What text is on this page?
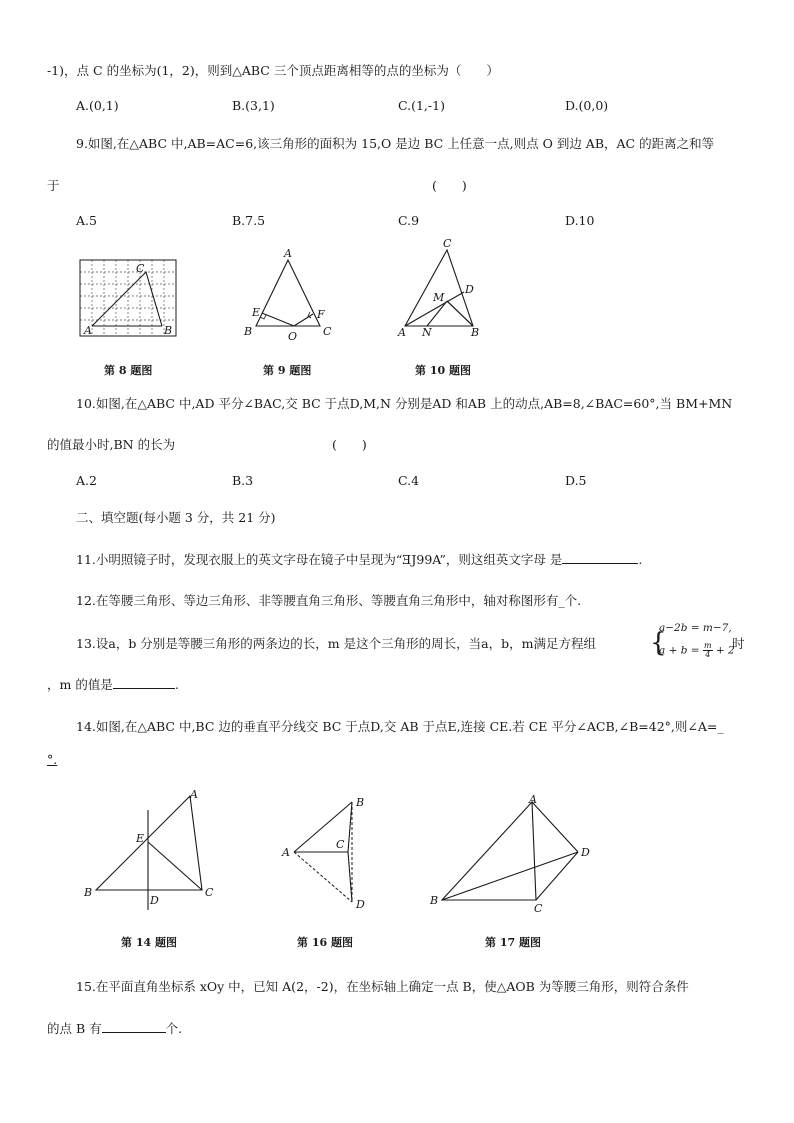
-1)，点 C 的坐标为(1，2)，则到△ABC 三个顶点距离相等的点的坐标为（　　）
A.(0,1)	B.(3,1)	C.(1,-1)	D.(0,0)
9.如图,在△ABC 中,AB=AC=6,该三角形的面积为 15,O 是边 BC 上任意一点,则点 O 到边 AB，AC 的距离之和等
于	(　　)
A.5	B.7.5	C.9	D.10
A
C
B
A
E	F
B	O C
C
D
M
A N	B
第 8 题图	第 9 题图	第 10 题图
10.如图,在△ABC 中,AD 平分∠BAC,交 BC 于点D,M,N 分别是AD 和AB 上的动点,AB=8,∠BAC=60°,当 BM+MN
的值最小时,BN 的长为	(　　)
A.2	B.3	C.4	D.5
二、填空题(每小题 3 分，共 21 分)
11.小明照镜子时，发现衣服上的英文字母在镜子中呈现为“ƎJ99A”，则这组英文字母 是	.
12.在等腰三角形、等边三角形、非等腰直角三角形、等腰直角三角形中，轴对称图形有_个.
13.设a，b 分别是等腰三角形的两条边的长，m 是这个三角形的周长，当a，b，m满足方程组 {
a−2b = m−7,
$a + b = \frac{m}{4} + 2$
时
，m 的值是	.
14.如图,在△ABC 中,BC 边的垂直平分线交 BC 于点D,交 AB 于点E,连接 CE.若 CE 平分∠ACB,∠B=42°,则∠A=_
°.
A
E
B
D
C
A
B
C
D
A
D
B
C
第 14 题图	第 16 题图	第 17 题图
15.在平面直角坐标系 xOy 中，已知 A(2，-2)，在坐标轴上确定一点 B，使△AOB 为等腰三角形，则符合条件
的点 B 有	个.
